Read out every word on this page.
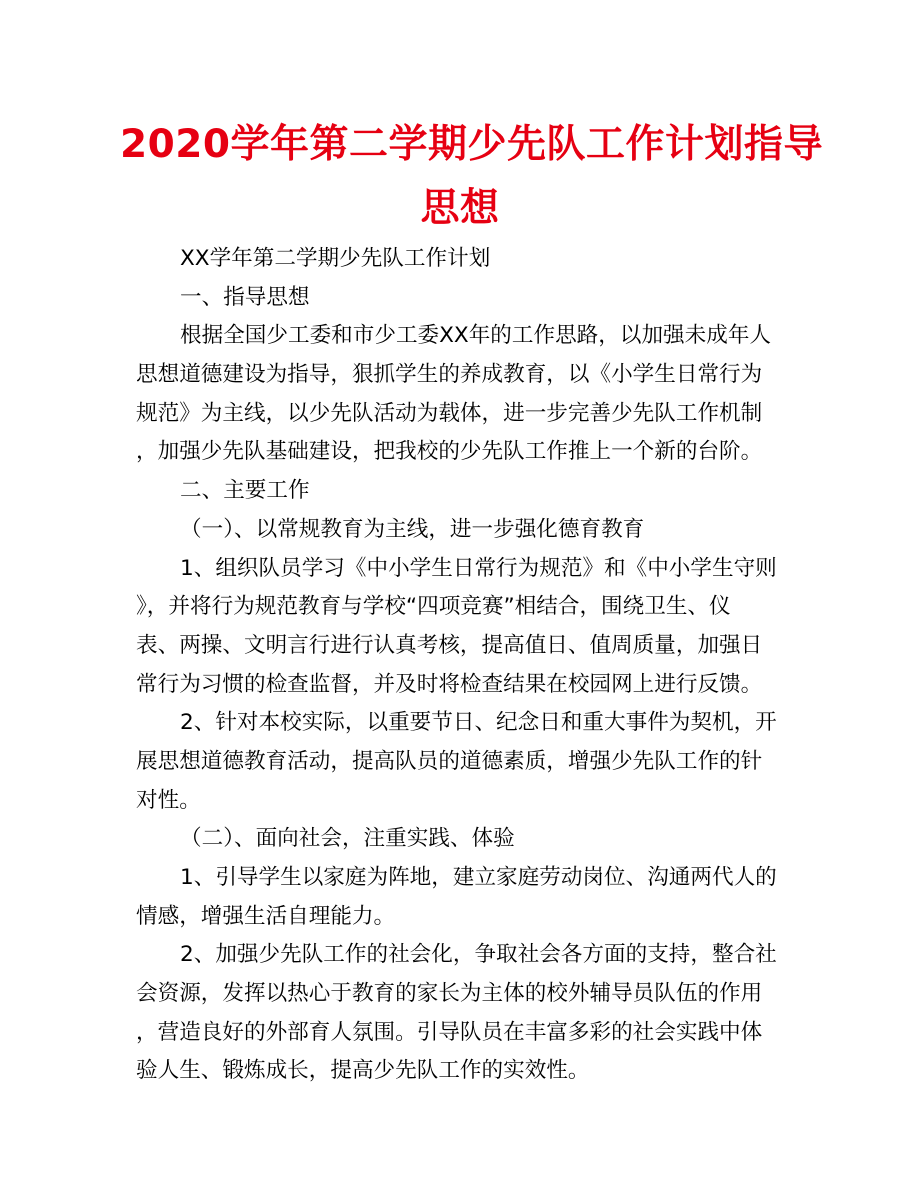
2020学年第二学期少先队工作计划指导
思想
XX学年第二学期少先队工作计划
一、指导思想
根据全国少工委和市少工委XX年的工作思路，以加强未成年人
思想道德建设为指导，狠抓学生的养成教育，以《小学生日常行为
规范》为主线，以少先队活动为载体，进一步完善少先队工作机制
，加强少先队基础建设，把我校的少先队工作推上一个新的台阶。
二、主要工作
（一）、以常规教育为主线，进一步强化德育教育
1、组织队员学习《中小学生日常行为规范》和《中小学生守则
》，并将行为规范教育与学校“四项竞赛”相结合，围绕卫生、仪
表、两操、文明言行进行认真考核，提高值日、值周质量，加强日
常行为习惯的检查监督，并及时将检查结果在校园网上进行反馈。
2、针对本校实际，以重要节日、纪念日和重大事件为契机，开
展思想道德教育活动，提高队员的道德素质，增强少先队工作的针
对性。
（二）、面向社会，注重实践、体验
1、引导学生以家庭为阵地，建立家庭劳动岗位、沟通两代人的
情感，增强生活自理能力。
2、加强少先队工作的社会化，争取社会各方面的支持，整合社
会资源，发挥以热心于教育的家长为主体的校外辅导员队伍的作用
，营造良好的外部育人氛围。引导队员在丰富多彩的社会实践中体
验人生、锻炼成长，提高少先队工作的实效性。
